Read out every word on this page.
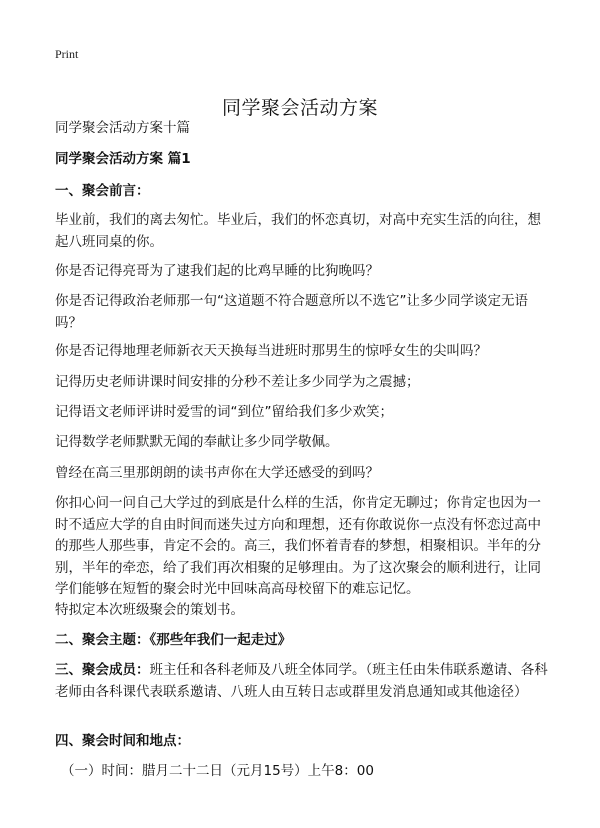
Print
同学聚会活动方案

同学聚会活动方案十篇

同学聚会活动方案 篇1

一、聚会前言：

毕业前，我们的离去匆忙。毕业后，我们的怀恋真切，对高中充实生活的向往，想起八班同桌的你。

你是否记得亮哥为了逮我们起的比鸡早睡的比狗晚吗？

你是否记得政治老师那一句“这道题不符合题意所以不选它”让多少同学谈定无语吗？

你是否记得地理老师新衣天天换每当进班时那男生的惊呼女生的尖叫吗？

记得历史老师讲课时间安排的分秒不差让多少同学为之震撼；

记得语文老师评讲时爱雪的词“到位”留给我们多少欢笑；

记得数学老师默默无闻的奉献让多少同学敬佩。

曾经在高三里那朗朗的读书声你在大学还感受的到吗？

你扣心问一问自己大学过的到底是什么样的生活，你肯定无聊过；你肯定也因为一时不适应大学的自由时间而迷失过方向和理想，还有你敢说你一点没有怀恋过高中的那些人那些事，肯定不会的。高三，我们怀着青春的梦想，相聚相识。半年的分别，半年的牵恋，给了我们再次相聚的足够理由。为了这次聚会的顺利进行，让同学们能够在短暂的聚会时光中回味高高母校留下的难忘记忆。

特拟定本次班级聚会的策划书。

二、聚会主题：《那些年我们一起走过》

三、聚会成员：班主任和各科老师及八班全体同学。（班主任由朱伟联系邀请、各科老师由各科课代表联系邀请、八班人由互转日志或群里发消息通知或其他途径）

四、聚会时间和地点：

（一）时间：腊月二十二日（元月15号）上午8：00
